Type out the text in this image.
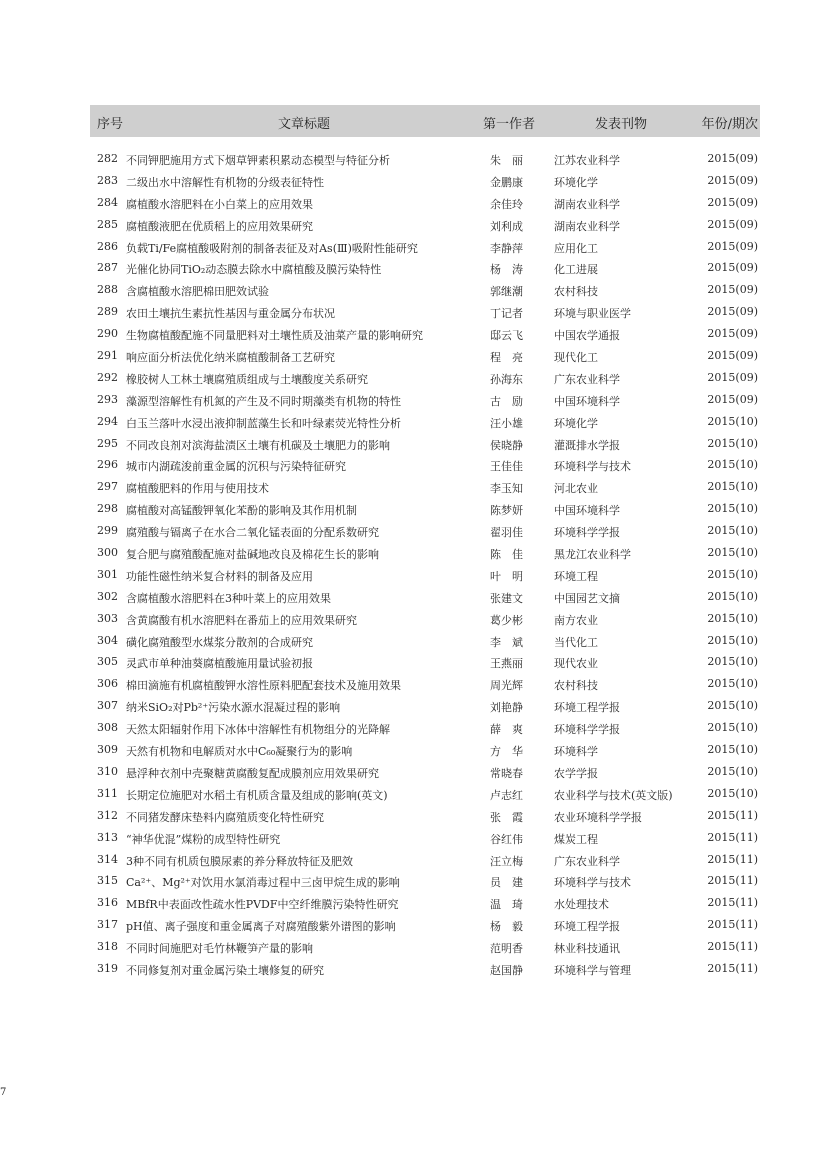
序号	文章标题	第一作者	发表刊物	年份/期次
282 不同钾肥施用方式下烟草钾素积累动态模型与特征分析	朱　丽	江苏农业科学	2015(09)
283 二级出水中溶解性有机物的分级表征特性	金鹏康	环境化学	2015(09)
284 腐植酸水溶肥料在小白菜上的应用效果	余佳玲	湖南农业科学	2015(09)
285 腐植酸液肥在优质稻上的应用效果研究	刘利成	湖南农业科学	2015(09)
286 负载Ti/Fe腐植酸吸附剂的制备表征及对As(Ⅲ)吸附性能研究	李静萍	应用化工	2015(09)
287 光催化协同TiO₂动态膜去除水中腐植酸及膜污染特性	杨　涛	化工进展	2015(09)
288 含腐植酸水溶肥棉田肥效试验	郭继潮	农村科技	2015(09)
289 农田土壤抗生素抗性基因与重金属分布状况	丁记者	环境与职业医学	2015(09)
290 生物腐植酸配施不同量肥料对土壤性质及油菜产量的影响研究	邸云飞	中国农学通报	2015(09)
291 响应面分析法优化纳米腐植酸制备工艺研究	程　亮	现代化工	2015(09)
292 橡胶树人工林土壤腐殖质组成与土壤酸度关系研究	孙海东	广东农业科学	2015(09)
293 藻源型溶解性有机氮的产生及不同时期藻类有机物的特性	古　励	中国环境科学	2015(09)
294 白玉兰落叶水浸出液抑制蓝藻生长和叶绿素荧光特性分析	汪小雄	环境化学	2015(10)
295 不同改良剂对滨海盐渍区土壤有机碳及土壤肥力的影响	侯晓静	灌溉排水学报	2015(10)
296 城市内湖疏浚前重金属的沉积与污染特征研究	王佳佳	环境科学与技术	2015(10)
297 腐植酸肥料的作用与使用技术	李玉知	河北农业	2015(10)
298 腐植酸对高锰酸钾氧化苯酚的影响及其作用机制	陈梦妍	中国环境科学	2015(10)
299 腐殖酸与镉离子在水合二氧化锰表面的分配系数研究	翟羽佳	环境科学学报	2015(10)
300 复合肥与腐殖酸配施对盐碱地改良及棉花生长的影响	陈　佳	黑龙江农业科学	2015(10)
301 功能性磁性纳米复合材料的制备及应用	叶　明	环境工程	2015(10)
302 含腐植酸水溶肥料在3种叶菜上的应用效果	张建文	中国园艺文摘	2015(10)
303 含黄腐酸有机水溶肥料在番茄上的应用效果研究	葛少彬	南方农业	2015(10)
304 磺化腐殖酸型水煤浆分散剂的合成研究	李　斌	当代化工	2015(10)
305 灵武市单种油葵腐植酸施用量试验初报	王燕丽	现代农业	2015(10)
306 棉田滴施有机腐植酸钾水溶性原料肥配套技术及施用效果	周光辉	农村科技	2015(10)
307 纳米SiO₂对Pb²⁺污染水源水混凝过程的影响	刘艳静	环境工程学报	2015(10)
308 天然太阳辐射作用下冰体中溶解性有机物组分的光降解	薛　爽	环境科学学报	2015(10)
309 天然有机物和电解质对水中C₆₀凝聚行为的影响	方　华	环境科学	2015(10)
310 悬浮种衣剂中壳聚糖黄腐酸复配成膜剂应用效果研究	常晓春	农学学报	2015(10)
311 长期定位施肥对水稻土有机质含量及组成的影响(英文)	卢志红	农业科学与技术(英文版)	2015(10)
312 不同猪发酵床垫料内腐殖质变化特性研究	张　霞	农业环境科学学报	2015(11)
313 “神华优混”煤粉的成型特性研究	谷红伟	煤炭工程	2015(11)
314 3种不同有机质包膜尿素的养分释放特征及肥效	汪立梅	广东农业科学	2015(11)
315 Ca²⁺、Mg²⁺对饮用水氯消毒过程中三卤甲烷生成的影响	员　建	环境科学与技术	2015(11)
316 MBfR中表面改性疏水性PVDF中空纤维膜污染特性研究	温　琦	水处理技术	2015(11)
317 pH值、离子强度和重金属离子对腐殖酸紫外谱图的影响	杨　毅	环境工程学报	2015(11)
318 不同时间施肥对毛竹林鞭笋产量的影响	范明香	林业科技通讯	2015(11)
319 不同修复剂对重金属污染土壤修复的研究	赵国静	环境科学与管理	2015(11)
7
